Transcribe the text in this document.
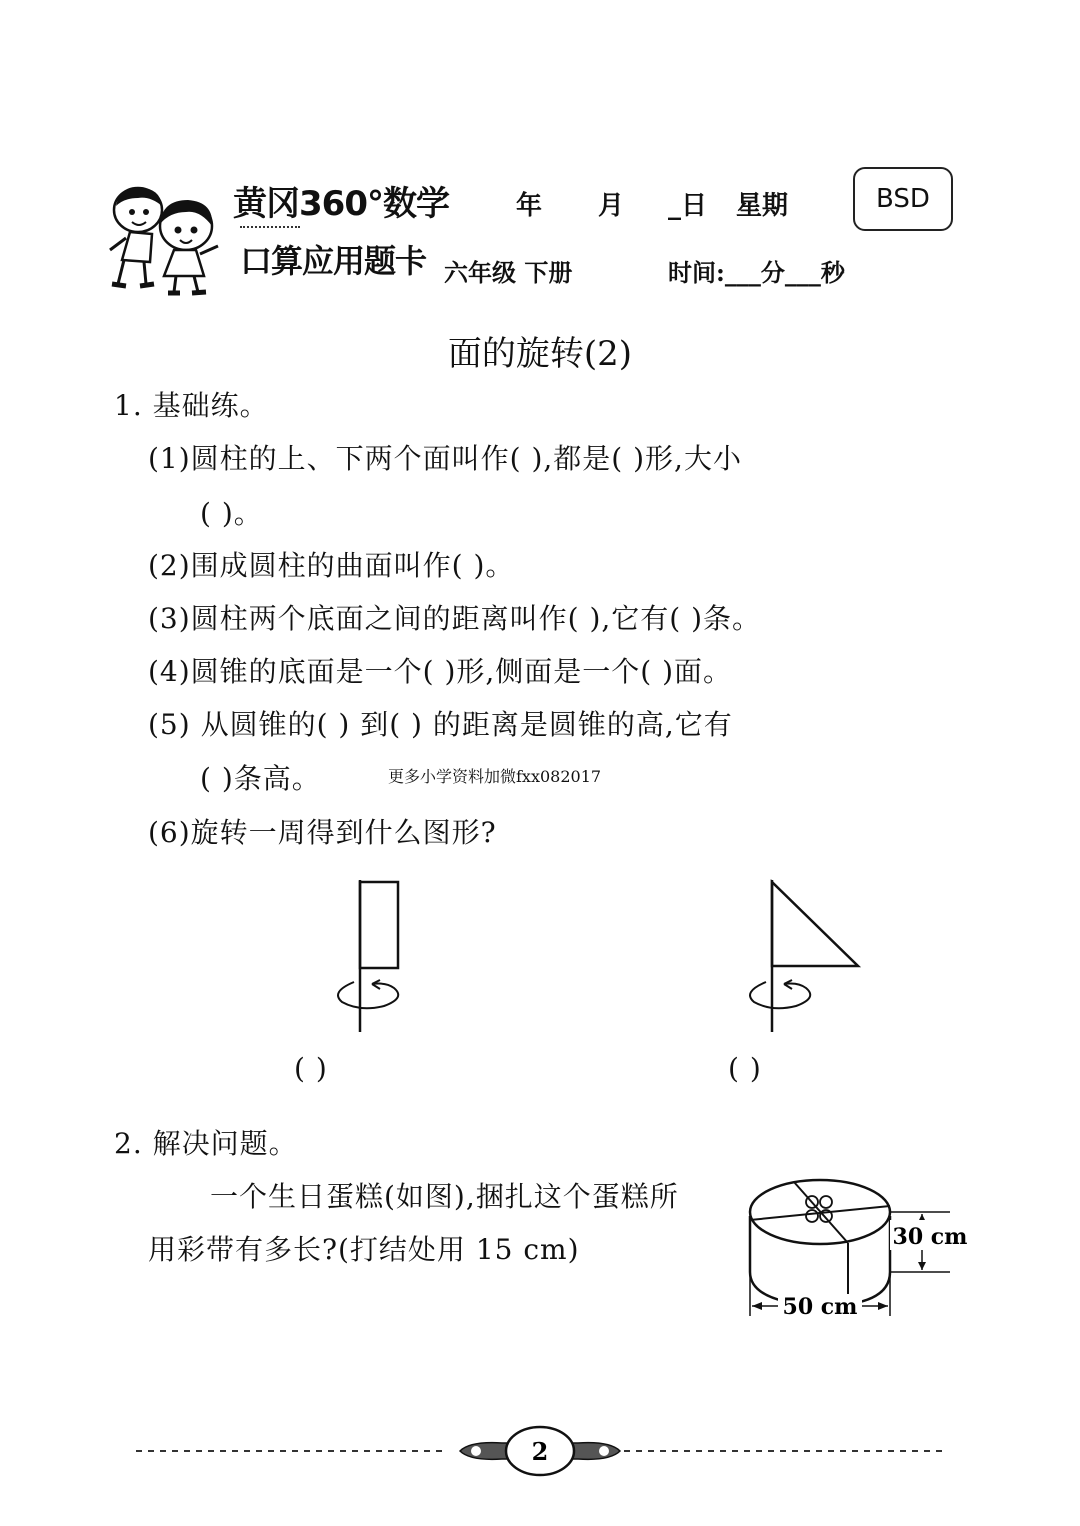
黄冈360°数学
口算应用题卡
年 月 _日 星期	BSD
六年级 下册	时间:___分___秒
面的旋转(2)
1. 基础练。
(1)圆柱的上、下两个面叫作( ),都是( )形,大小
( )。
(2)围成圆柱的曲面叫作( )。
(3)圆柱两个底面之间的距离叫作( ),它有( )条。
(4)圆锥的底面是一个( )形,侧面是一个( )面。
(5) 从圆锥的( ) 到( ) 的距离是圆锥的高,它有
( )条高。	更多小学资料加微fxx082017
(6)旋转一周得到什么图形?
( )	( )
2. 解决问题。
一个生日蛋糕(如图),捆扎这个蛋糕所
用彩带有多长?(打结处用 15 cm)
50 cm
30 cm
2
